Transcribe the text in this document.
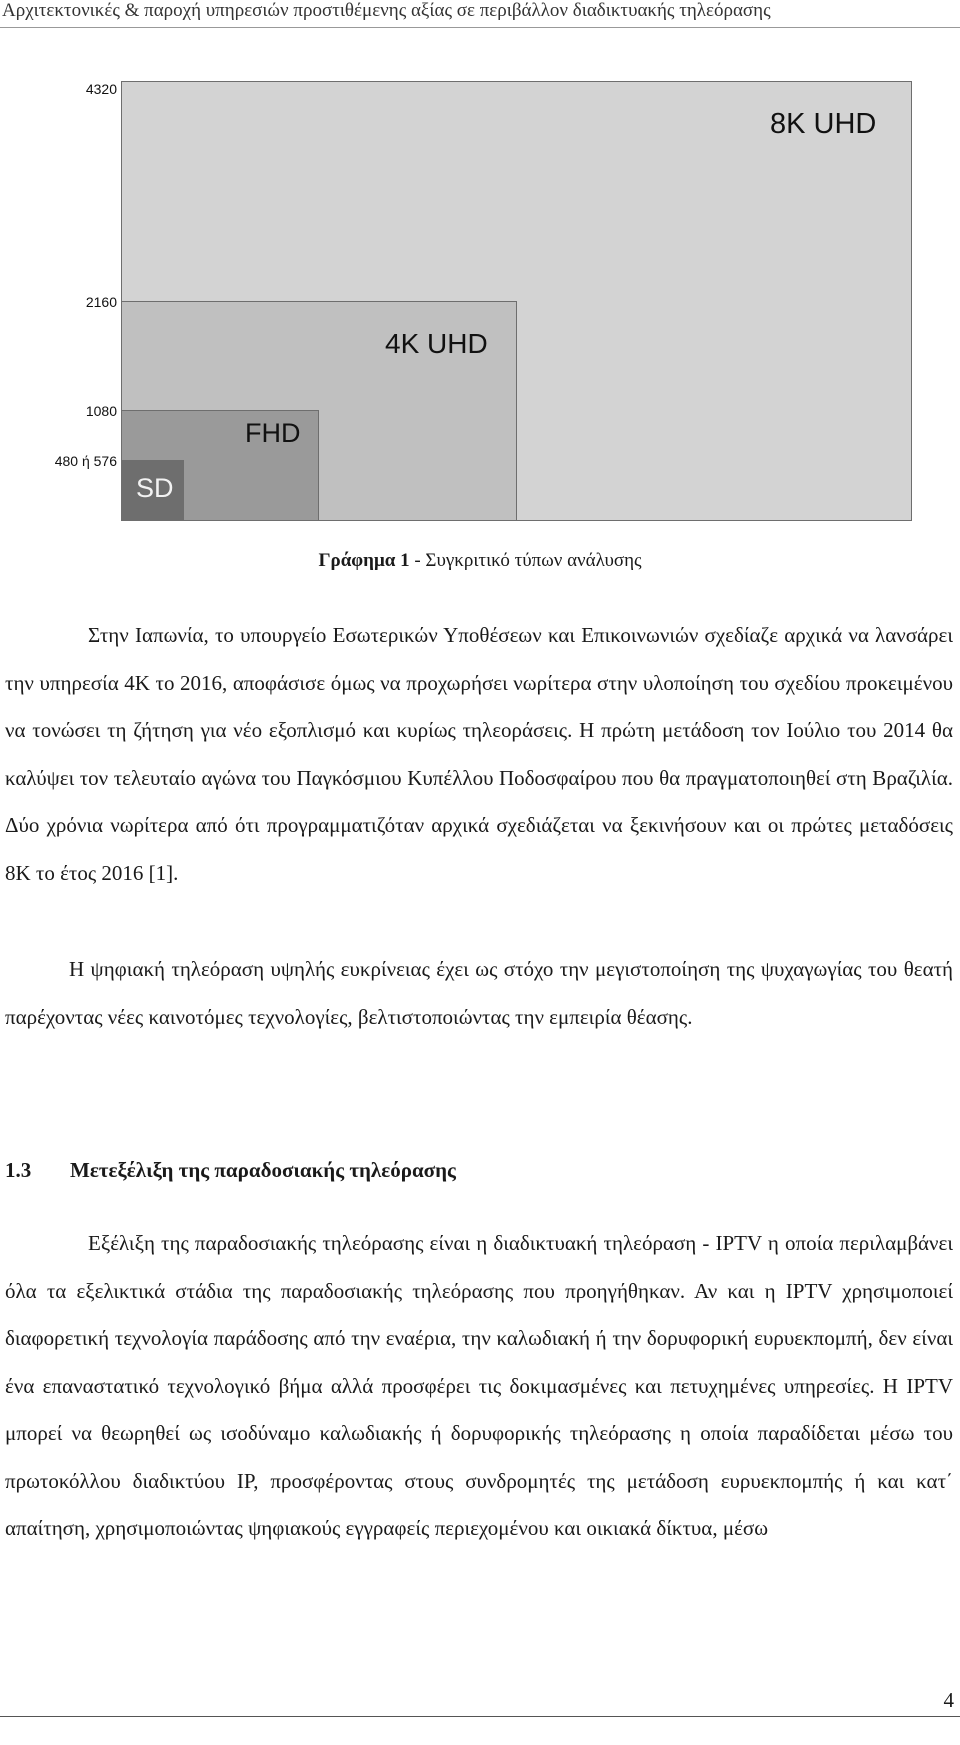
Αρχιτεκτονικές & παροχή υπηρεσιών προστιθέμενης αξίας σε περιβάλλον διαδικτυακής τηλεόρασης
8K UHD
4K UHD
FHD
SD
4320
2160
1080
480 ή 576
Γράφημα 1 - Συγκριτικό τύπων ανάλυσης

Στην Ιαπωνία, το υπουργείο Εσωτερικών Υποθέσεων και Επικοινωνιών σχεδίαζε αρχικά να λανσάρει την υπηρεσία 4K το 2016, αποφάσισε όμως να προχωρήσει νωρίτερα στην υλοποίηση του σχεδίου προκειμένου να τονώσει τη ζήτηση για νέο εξοπλισμό και κυρίως τηλεοράσεις. Η πρώτη μετάδοση τον Ιούλιο του 2014 θα καλύψει τον τελευταίο αγώνα του Παγκόσμιου Κυπέλλου Ποδοσφαίρου που θα πραγματοποιηθεί στη Βραζιλία. Δύο χρόνια νωρίτερα από ότι προγραμματιζόταν αρχικά σχεδιάζεται να ξεκινήσουν και οι πρώτες μεταδόσεις 8K το έτος 2016 [1].

Η ψηφιακή τηλεόραση υψηλής ευκρίνειας έχει ως στόχο την μεγιστοποίηση της ψυχαγωγίας του θεατή παρέχοντας νέες καινοτόμες τεχνολογίες, βελτιστοποιώντας την εμπειρία θέασης.

1.3 Μετεξέλιξη της παραδοσιακής τηλεόρασης

Εξέλιξη της παραδοσιακής τηλεόρασης είναι η διαδικτυακή τηλεόραση - IPTV η οποία περιλαμβάνει όλα τα εξελικτικά στάδια της παραδοσιακής τηλεόρασης που προηγήθηκαν. Αν και η IPTV χρησιμοποιεί διαφορετική τεχνολογία παράδοσης από την εναέρια, την καλωδιακή ή την δορυφορική ευρυεκπομπή, δεν είναι ένα επαναστατικό τεχνολογικό βήμα αλλά προσφέρει τις δοκιμασμένες και πετυχημένες υπηρεσίες. Η IPTV μπορεί να θεωρηθεί ως ισοδύναμο καλωδιακής ή δορυφορικής τηλεόρασης η οποία παραδίδεται μέσω του πρωτοκόλλου διαδικτύου IP, προσφέροντας στους συνδρομητές της μετάδοση ευρυεκπομπής ή και κατ΄ απαίτηση, χρησιμοποιώντας ψηφιακούς εγγραφείς περιεχομένου και οικιακά δίκτυα, μέσω

4
